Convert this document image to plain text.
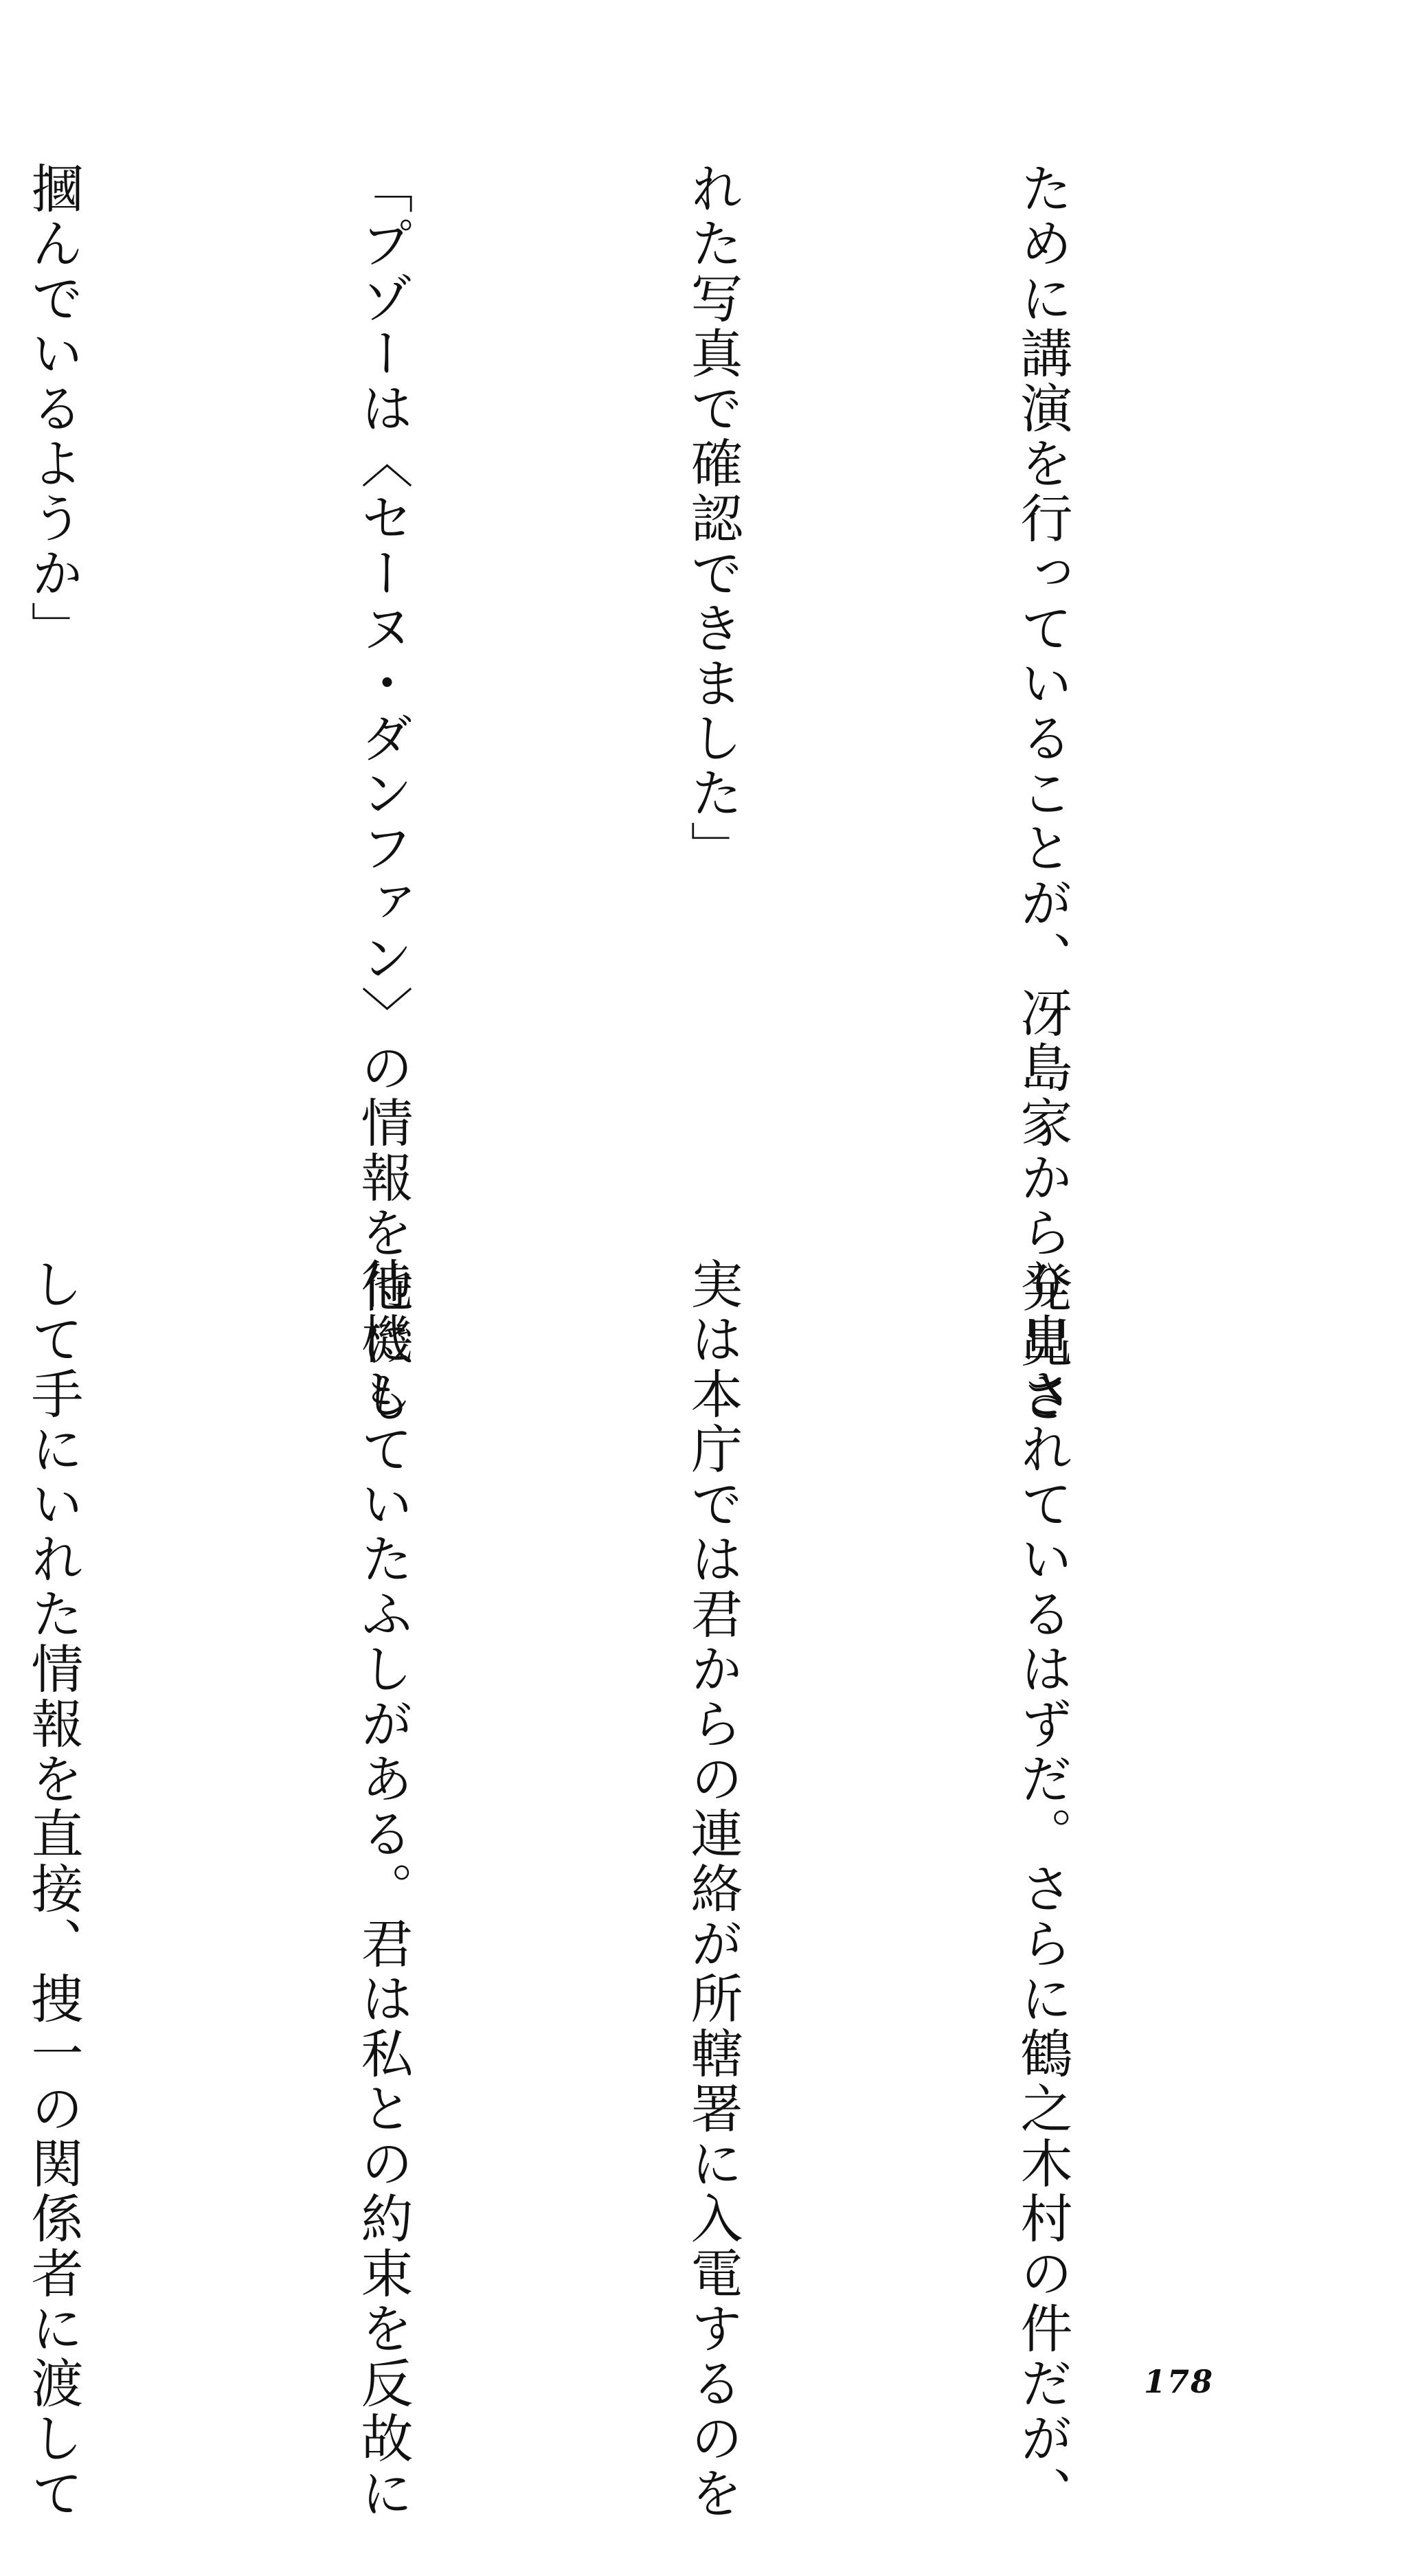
ために講演を行っていることが、冴島家から発見さ

れた写真で確認できました」

「プゾーは〈セーヌ・ダンファン〉の情報を他にも

摑んでいるようか」

り出されているはずだ。さらに鶴之木村の件だが、

実は本庁では君からの連絡が所轄署に入電するのを

待機していたふしがある。君は私との約束を反故に

して手にいれた情報を直接、捜一の関係者に渡して

	178
